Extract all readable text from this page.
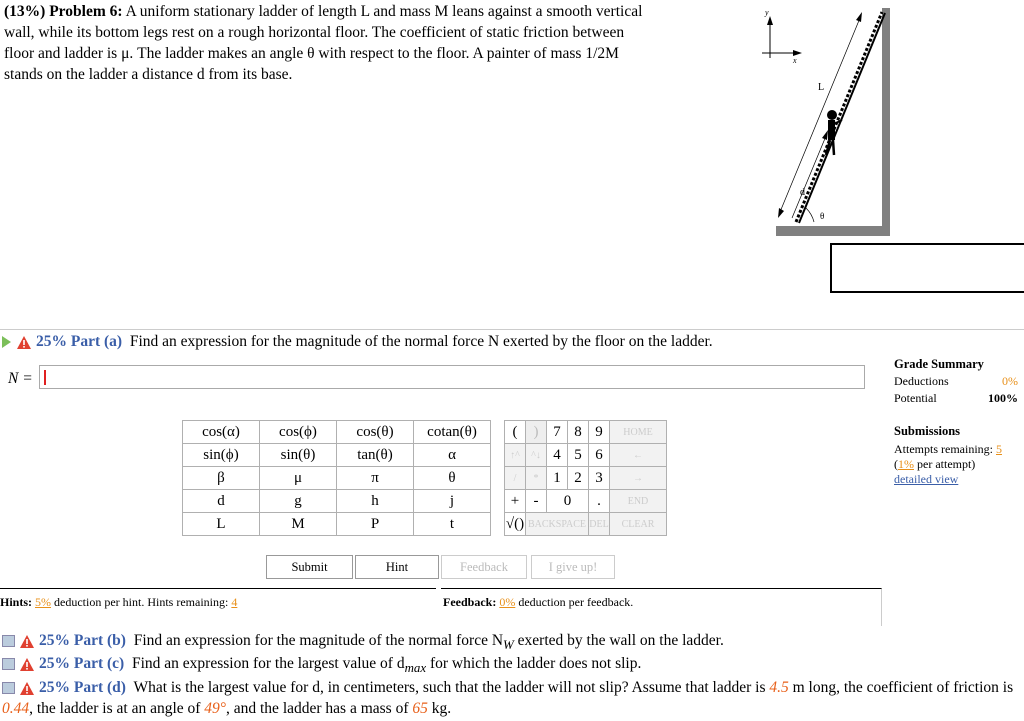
(13%) Problem 6: A uniform stationary ladder of length L and mass M leans against a smooth vertical wall, while its bottom legs rest on a rough horizontal floor. The coefficient of static friction between floor and ladder is μ. The ladder makes an angle θ with respect to the floor. A painter of mass 1/2M stands on the ladder a distance d from its base.
y
x
L
d
θ
25% Part (a) Find an expression for the magnitude of the normal force N exerted by the floor on the ladder.
N =
Grade Summary
Deductions	0%
Potential	100%
Submissions
Attempts remaining: 5
(1% per attempt)
detailed view
cos(α)	cos(ϕ)	cos(θ)	cotan(θ)
sin(ϕ)	sin(θ)	tan(θ)	α
β	μ	π	θ
d	g	h	j
L	M	P	t
(	)	7	8	9	HOME
↑^	^↓	4	5	6	←
/	*	1	2	3	→
+	-	0		.	END
√()	BACKSPACE			DEL	CLEAR
Submit	Hint	Feedback	I give up!
Hints: 5% deduction per hint. Hints remaining: 4	Feedback: 0% deduction per feedback.
25% Part (b) Find an expression for the magnitude of the normal force $N_W$ exerted by the wall on the ladder.
25% Part (c) Find an expression for the largest value of $d_{max}$ for which the ladder does not slip.
25% Part (d) What is the largest value for d, in centimeters, such that the ladder will not slip? Assume that ladder is 4.5 m long, the coefficient of friction is 0.44, the ladder is at an angle of 49°, and the ladder has a mass of 65 kg.
